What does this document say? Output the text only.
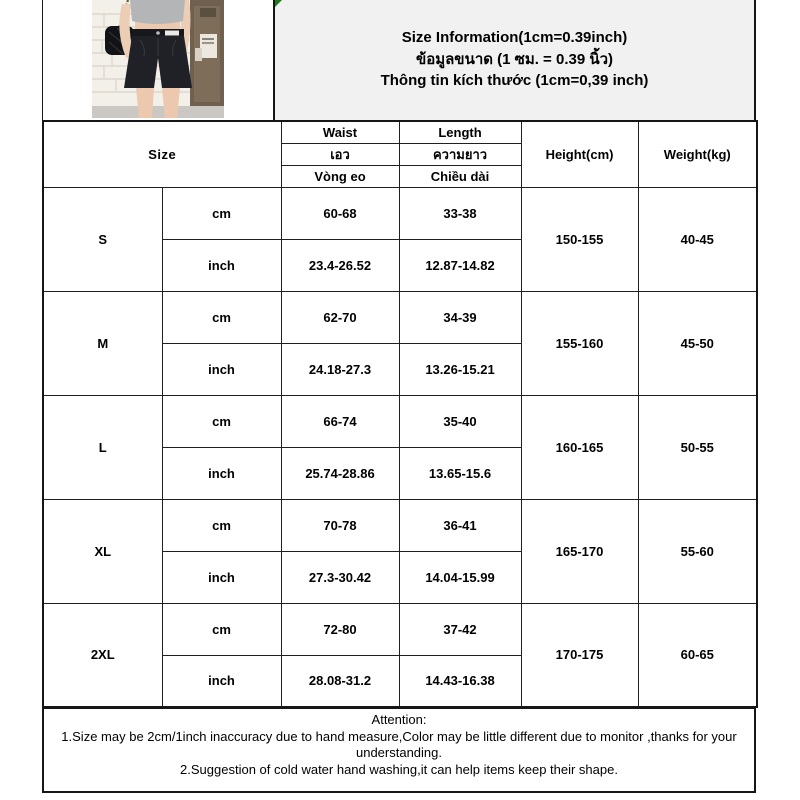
Size Information(1cm=0.39inch)
ข้อมูลขนาด (1 ซม. = 0.39 นิ้ว)
Thông tin kích thước (1cm=0,39 inch)
Size		Waist	Length	Height(cm)	Weight(kg)
		เอว	ความยาว		
		Vòng eo	Chiều dài		
S	cm	60-68	33-38	150-155	40-45
	inch	23.4-26.52	12.87-14.82		
M	cm	62-70	34-39	155-160	45-50
	inch	24.18-27.3	13.26-15.21		
L	cm	66-74	35-40	160-165	50-55
	inch	25.74-28.86	13.65-15.6		
XL	cm	70-78	36-41	165-170	55-60
	inch	27.3-30.42	14.04-15.99		
2XL	cm	72-80	37-42	170-175	60-65
	inch	28.08-31.2	14.43-16.38		
Attention:
1.Size may be 2cm/1inch inaccuracy due to hand measure,Color may be little different due to monitor ,thanks for your understanding.
2.Suggestion of cold water hand washing,it can help items keep their shape.
